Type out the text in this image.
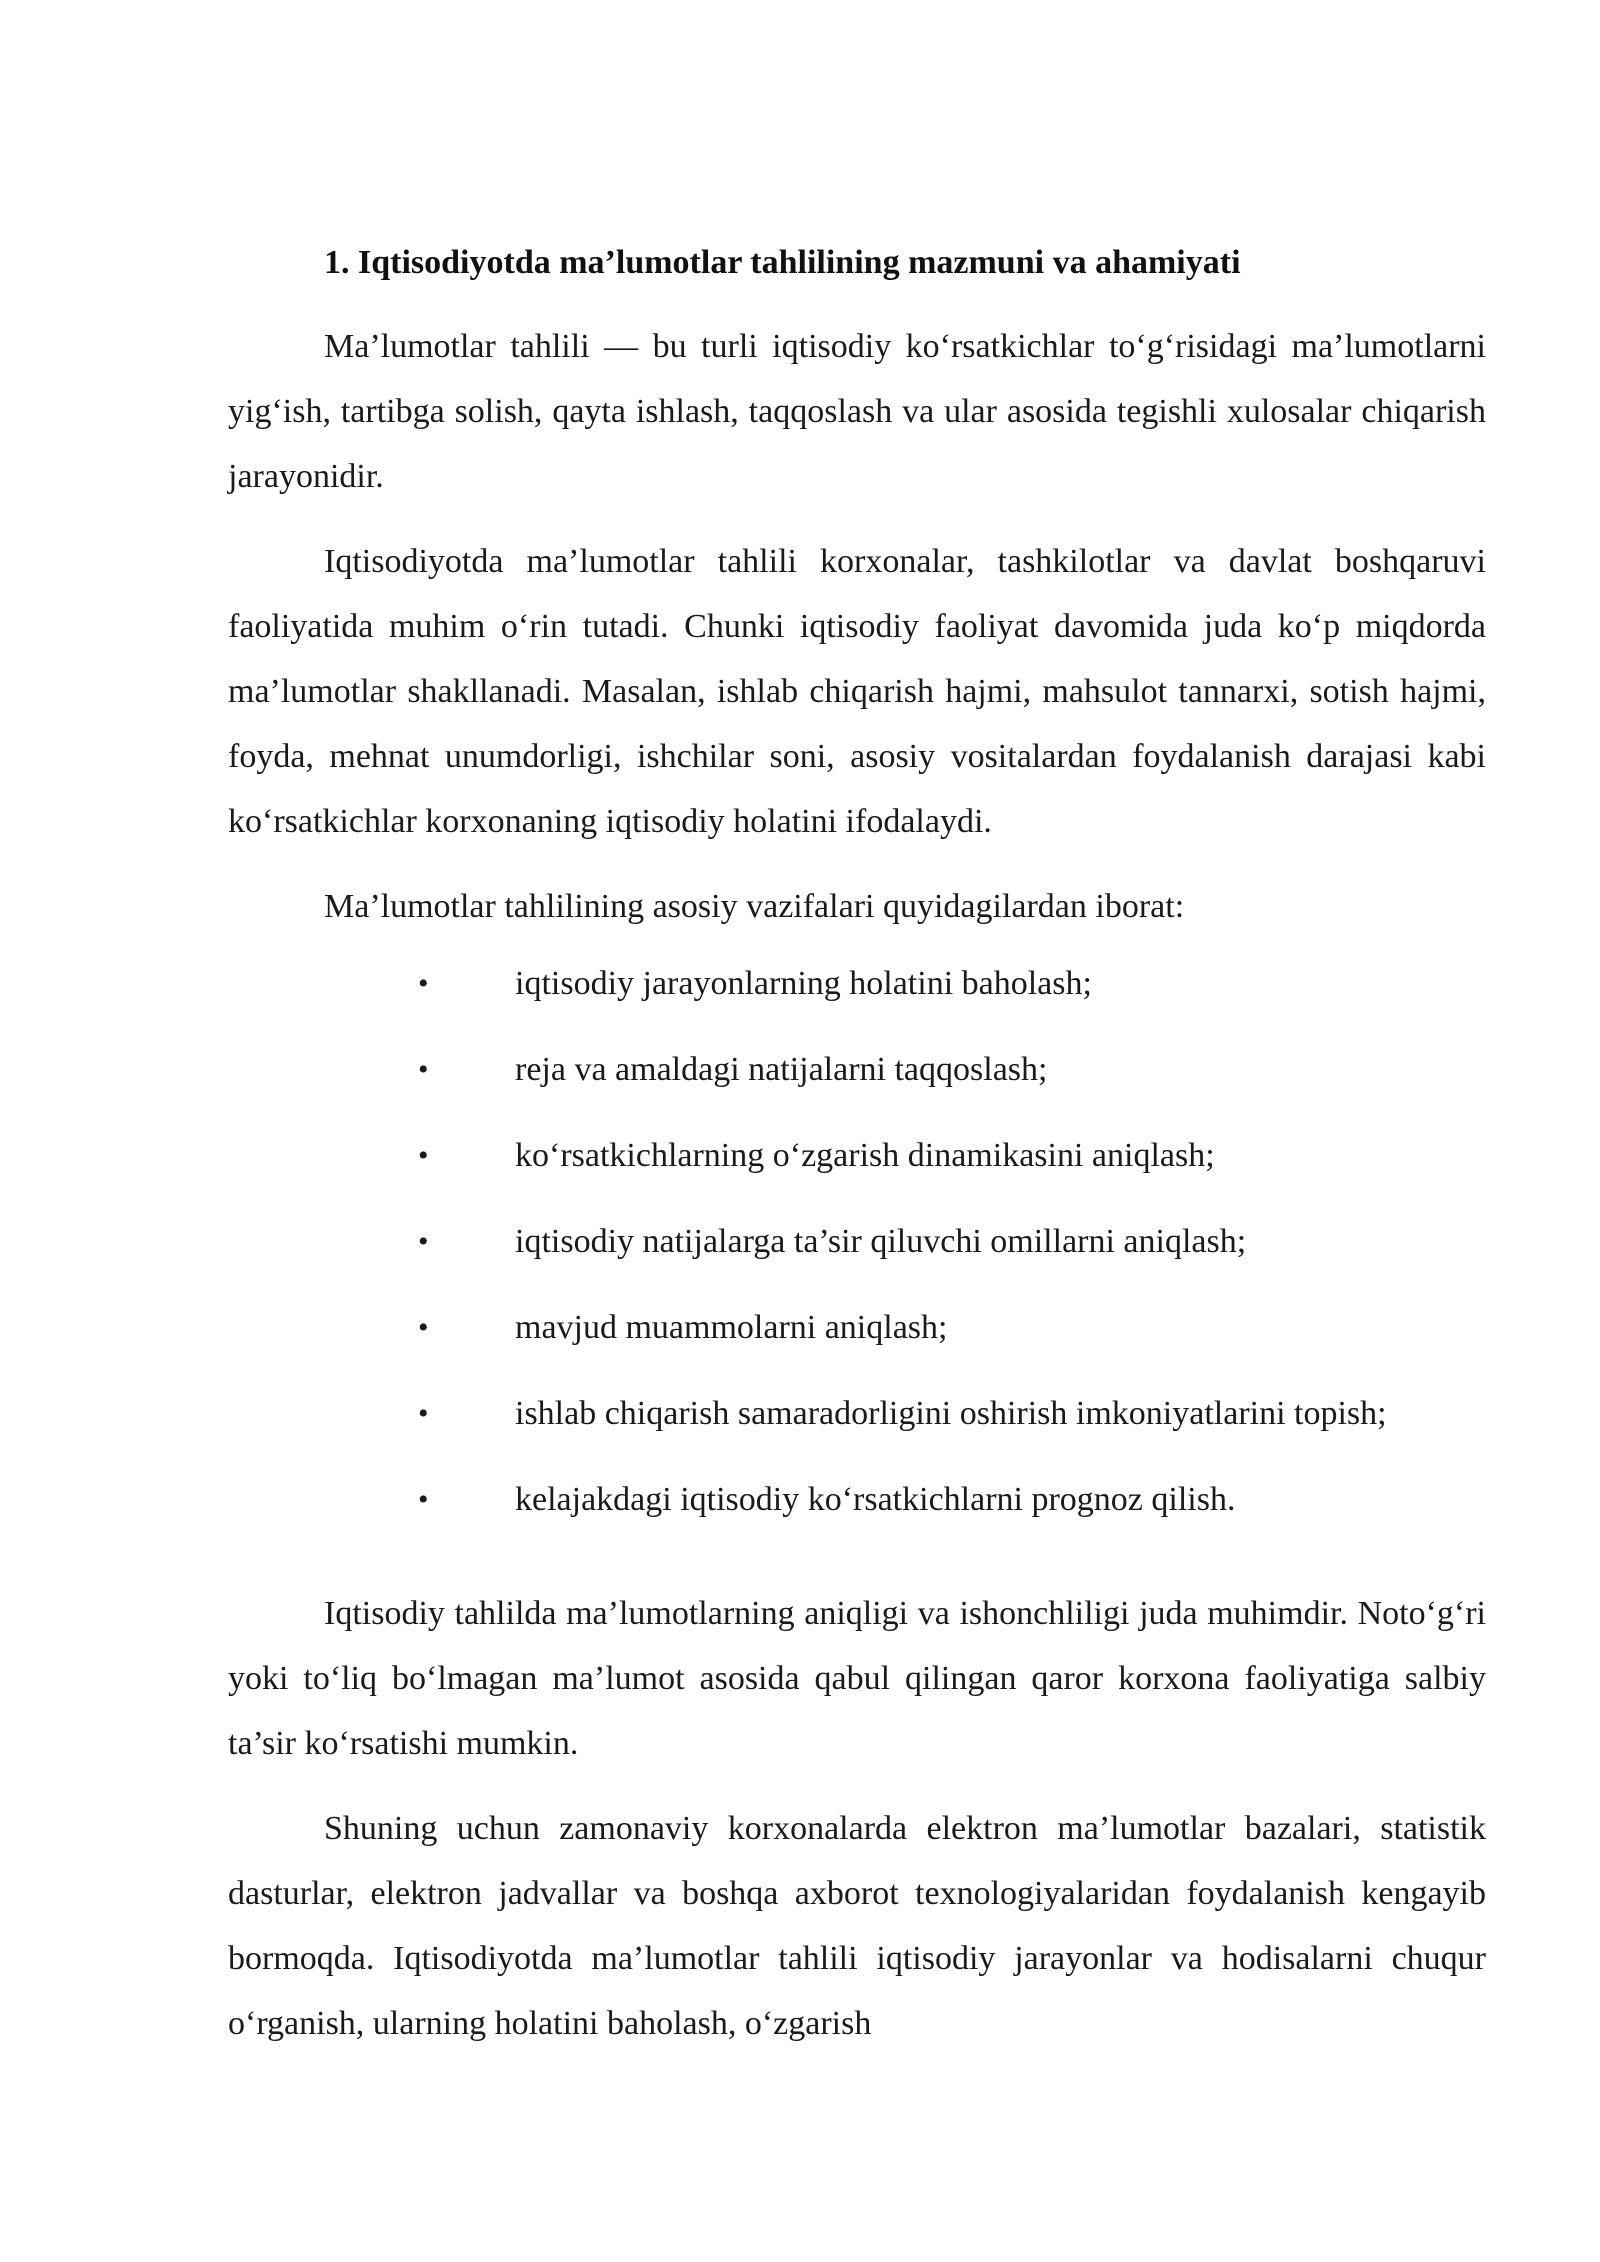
1. Iqtisodiyotda ma’lumotlar tahlilining mazmuni va ahamiyati

Ma’lumotlar tahlili — bu turli iqtisodiy ko‘rsatkichlar to‘g‘risidagi ma’lumotlarni yig‘ish, tartibga solish, qayta ishlash, taqqoslash va ular asosida tegishli xulosalar chiqarish jarayonidir.

Iqtisodiyotda ma’lumotlar tahlili korxonalar, tashkilotlar va davlat boshqaruvi faoliyatida muhim o‘rin tutadi. Chunki iqtisodiy faoliyat davomida juda ko‘p miqdorda ma’lumotlar shakllanadi. Masalan, ishlab chiqarish hajmi, mahsulot tannarxi, sotish hajmi, foyda, mehnat unumdorligi, ishchilar soni, asosiy vositalardan foydalanish darajasi kabi ko‘rsatkichlar korxonaning iqtisodiy holatini ifodalaydi.

Ma’lumotlar tahlilining asosiy vazifalari quyidagilardan iborat:

•	iqtisodiy jarayonlarning holatini baholash;
•	reja va amaldagi natijalarni taqqoslash;
•	ko‘rsatkichlarning o‘zgarish dinamikasini aniqlash;
•	iqtisodiy natijalarga ta’sir qiluvchi omillarni aniqlash;
•	mavjud muammolarni aniqlash;
•	ishlab chiqarish samaradorligini oshirish imkoniyatlarini topish;
•	kelajakdagi iqtisodiy ko‘rsatkichlarni prognoz qilish.

Iqtisodiy tahlilda ma’lumotlarning aniqligi va ishonchliligi juda muhimdir. Noto‘g‘ri yoki to‘liq bo‘lmagan ma’lumot asosida qabul qilingan qaror korxona faoliyatiga salbiy ta’sir ko‘rsatishi mumkin.

Shuning uchun zamonaviy korxonalarda elektron ma’lumotlar bazalari, statistik dasturlar, elektron jadvallar va boshqa axborot texnologiyalaridan foydalanish kengayib bormoqda. Iqtisodiyotda ma’lumotlar tahlili iqtisodiy jarayonlar va hodisalarni chuqur o‘rganish, ularning holatini baholash, o‘zgarish
